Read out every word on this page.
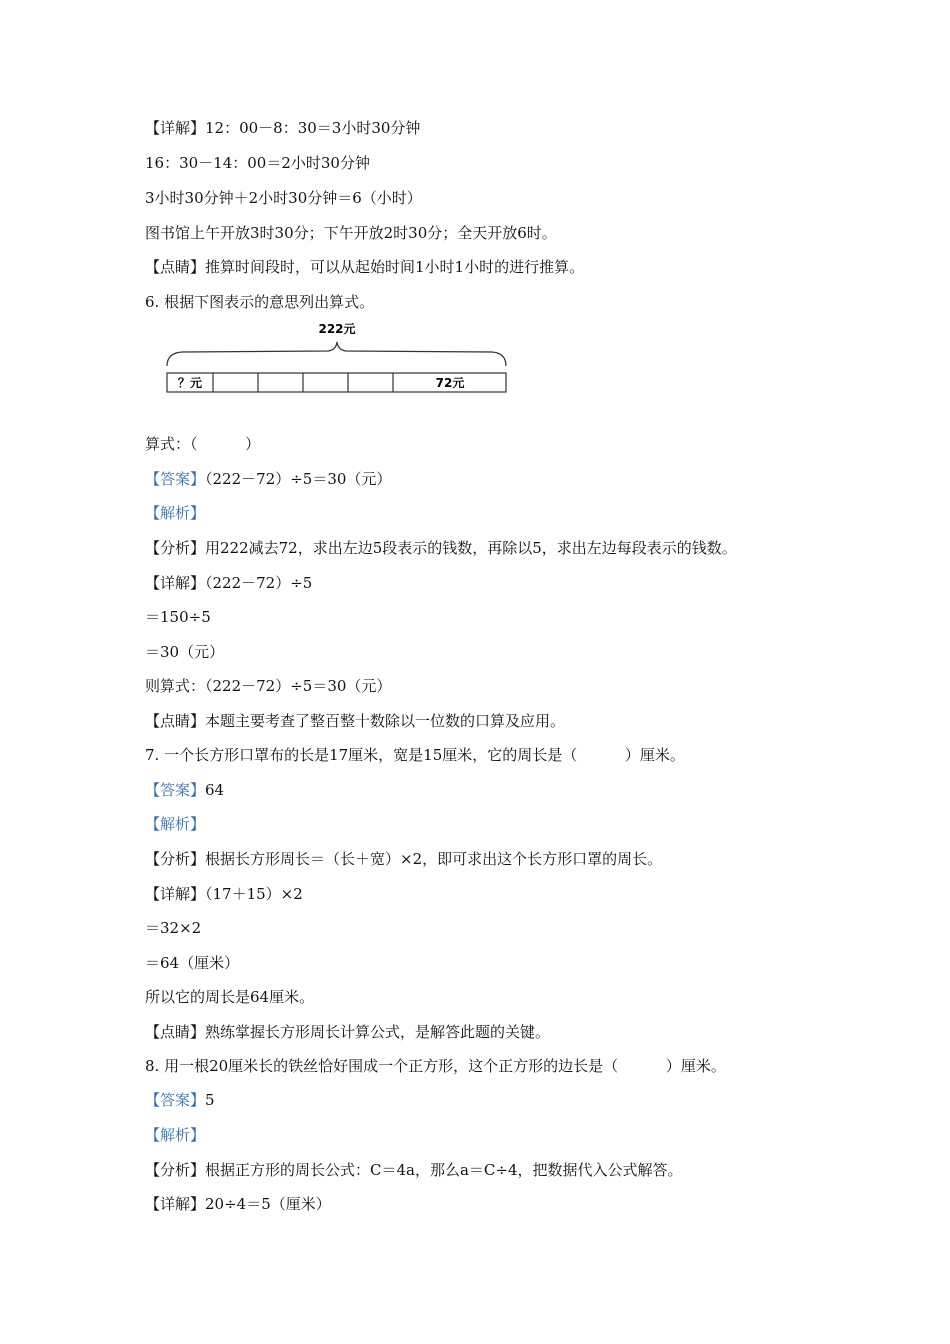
【详解】12：00－8：30＝3小时30分钟
16：30－14：00＝2小时30分钟
3小时30分钟＋2小时30分钟＝6（小时）
图书馆上午开放3时30分；下午开放2时30分；全天开放6时。
【点睛】推算时间段时，可以从起始时间1小时1小时的进行推算。
6. 根据下图表示的意思列出算式。
222元
？元	72元
算式：（          ）
【答案】（222－72）÷5＝30（元）
【解析】
【分析】用222减去72，求出左边5段表示的钱数，再除以5，求出左边每段表示的钱数。
【详解】（222－72）÷5
＝150÷5
＝30（元）
则算式：（222－72）÷5＝30（元）
【点睛】本题主要考查了整百整十数除以一位数的口算及应用。
7. 一个长方形口罩布的长是17厘米，宽是15厘米，它的周长是（          ）厘米。
【答案】64
【解析】
【分析】根据长方形周长＝（长＋宽）×2，即可求出这个长方形口罩的周长。
【详解】（17＋15）×2
＝32×2
＝64（厘米）
所以它的周长是64厘米。
【点睛】熟练掌握长方形周长计算公式，是解答此题的关键。
8. 用一根20厘米长的铁丝恰好围成一个正方形，这个正方形的边长是（          ）厘米。
【答案】5
【解析】
【分析】根据正方形的周长公式：C＝4a，那么a＝C÷4，把数据代入公式解答。
【详解】20÷4＝5（厘米）
